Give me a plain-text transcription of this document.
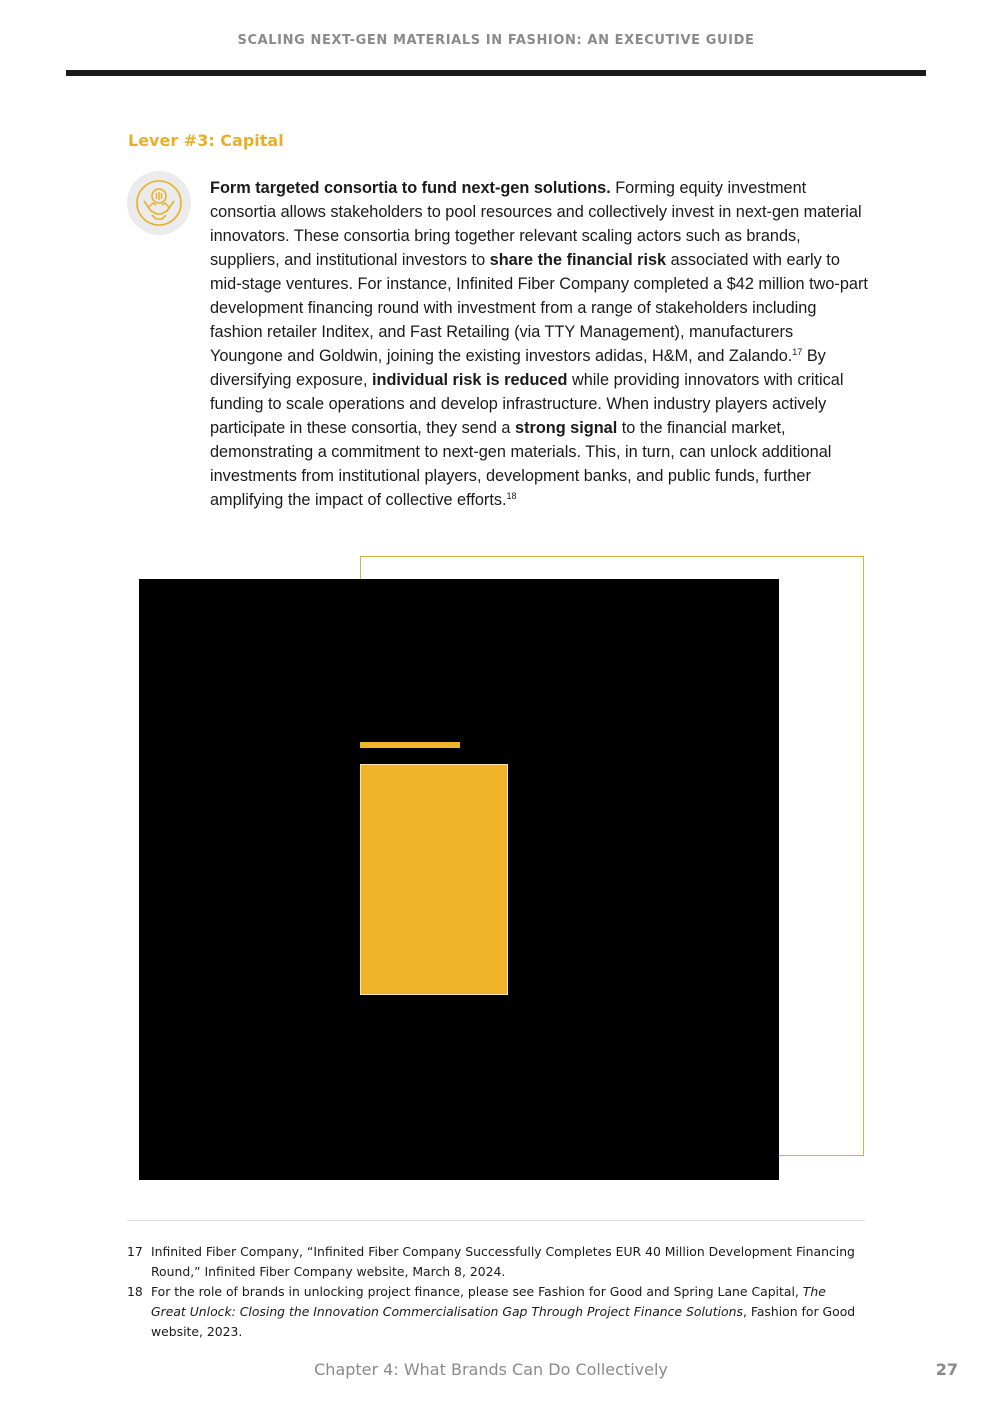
SCALING NEXT-GEN MATERIALS IN FASHION: AN EXECUTIVE GUIDE
Lever #3: Capital
Form targeted consortia to fund next-gen solutions. Forming equity investment consortia allows stakeholders to pool resources and collectively invest in next-gen material innovators. These consortia bring together relevant scaling actors such as brands, suppliers, and institutional investors to share the financial risk associated with early to mid-stage ventures. For instance, Infinited Fiber Company completed a $42 million two-part development financing round with investment from a range of stakeholders including fashion retailer Inditex, and Fast Retailing (via TTY Management), manufacturers Youngone and Goldwin, joining the existing investors adidas, H&M, and Zalando.$^{17}$ By diversifying exposure, individual risk is reduced while providing innovators with critical funding to scale operations and develop infrastructure. When industry players actively participate in these consortia, they send a strong signal to the financial market, demonstrating a commitment to next-gen materials. This, in turn, can unlock additional investments from institutional players, development banks, and public funds, further amplifying the impact of collective efforts.$^{18}$
17 Infinited Fiber Company, “Infinited Fiber Company Successfully Completes EUR 40 Million Development Financing Round,” Infinited Fiber Company website, March 8, 2024.
18 For the role of brands in unlocking project finance, please see Fashion for Good and Spring Lane Capital, The Great Unlock: Closing the Innovation Commercialisation Gap Through Project Finance Solutions, Fashion for Good website, 2023.
Chapter 4: What Brands Can Do Collectively	27
